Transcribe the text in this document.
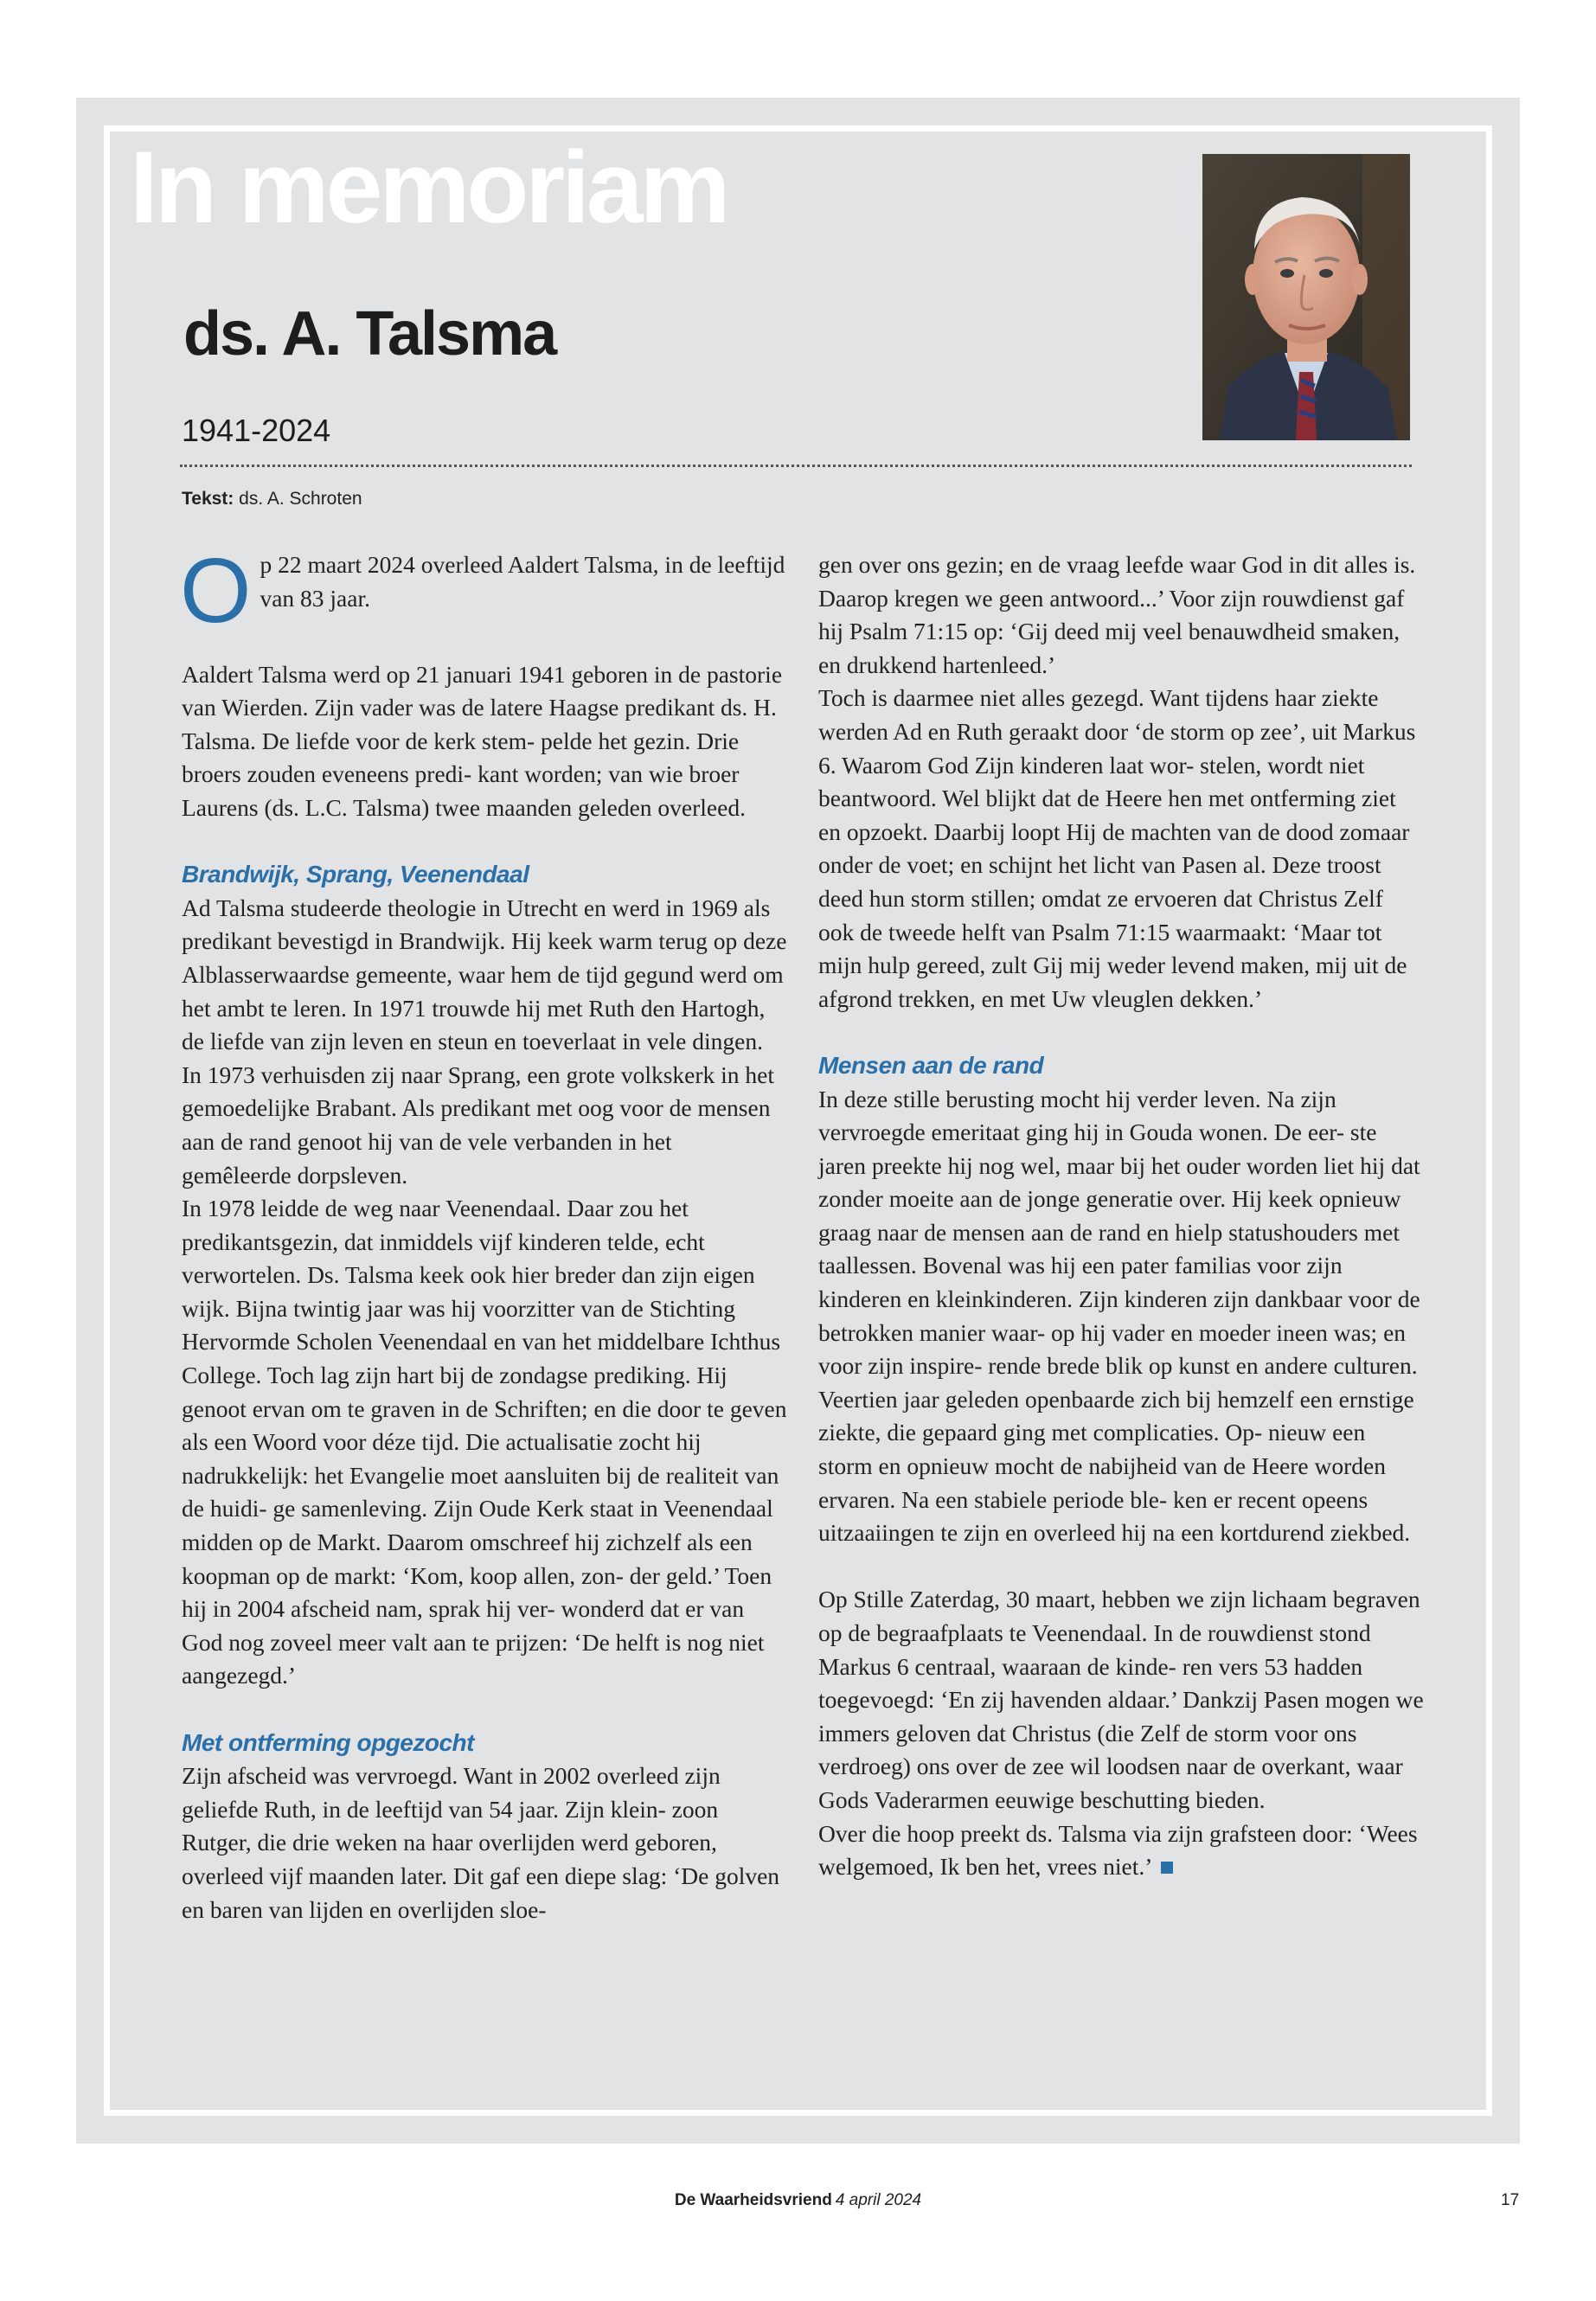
In memoriam
ds. A. Talsma
1941-2024
Tekst: ds. A. Schroten

Op 22 maart 2024 overleed Aaldert Talsma, in de leeftijd van 83 jaar.

Aaldert Talsma werd op 21 januari 1941 geboren in de pastorie van Wierden. Zijn vader was de latere Haagse predikant ds. H. Talsma. De liefde voor de kerk stem- pelde het gezin. Drie broers zouden eveneens predi- kant worden; van wie broer Laurens (ds. L.C. Talsma) twee maanden geleden overleed.

Brandwijk, Sprang, Veenendaal

Ad Talsma studeerde theologie in Utrecht en werd in 1969 als predikant bevestigd in Brandwijk. Hij keek warm terug op deze Alblasserwaardse gemeente, waar hem de tijd gegund werd om het ambt te leren. In 1971 trouwde hij met Ruth den Hartogh, de liefde van zijn leven en steun en toeverlaat in vele dingen. In 1973 verhuisden zij naar Sprang, een grote volkskerk in het gemoedelijke Brabant. Als predikant met oog voor de mensen aan de rand genoot hij van de vele verbanden in het gemêleerde dorpsleven.

In 1978 leidde de weg naar Veenendaal. Daar zou het predikantsgezin, dat inmiddels vijf kinderen telde, echt verwortelen. Ds. Talsma keek ook hier breder dan zijn eigen wijk. Bijna twintig jaar was hij voorzitter van de Stichting Hervormde Scholen Veenendaal en van het middelbare Ichthus College. Toch lag zijn hart bij de zondagse prediking. Hij genoot ervan om te graven in de Schriften; en die door te geven als een Woord voor déze tijd. Die actualisatie zocht hij nadrukkelijk: het Evangelie moet aansluiten bij de realiteit van de huidi- ge samenleving. Zijn Oude Kerk staat in Veenendaal midden op de Markt. Daarom omschreef hij zichzelf als een koopman op de markt: ‘Kom, koop allen, zon- der geld.’ Toen hij in 2004 afscheid nam, sprak hij ver- wonderd dat er van God nog zoveel meer valt aan te prijzen: ‘De helft is nog niet aangezegd.’

Met ontferming opgezocht

Zijn afscheid was vervroegd. Want in 2002 overleed zijn geliefde Ruth, in de leeftijd van 54 jaar. Zijn klein- zoon Rutger, die drie weken na haar overlijden werd geboren, overleed vijf maanden later. Dit gaf een diepe slag: ‘De golven en baren van lijden en overlijden sloe-

gen over ons gezin; en de vraag leefde waar God in dit alles is. Daarop kregen we geen antwoord...’ Voor zijn rouwdienst gaf hij Psalm 71:15 op: ‘Gij deed mij veel benauwdheid smaken, en drukkend hartenleed.’

Toch is daarmee niet alles gezegd. Want tijdens haar ziekte werden Ad en Ruth geraakt door ‘de storm op zee’, uit Markus 6. Waarom God Zijn kinderen laat wor- stelen, wordt niet beantwoord. Wel blijkt dat de Heere hen met ontferming ziet en opzoekt. Daarbij loopt Hij de machten van de dood zomaar onder de voet; en schijnt het licht van Pasen al. Deze troost deed hun storm stillen; omdat ze ervoeren dat Christus Zelf ook de tweede helft van Psalm 71:15 waarmaakt: ‘Maar tot mijn hulp gereed, zult Gij mij weder levend maken, mij uit de afgrond trekken, en met Uw vleuglen dekken.’

Mensen aan de rand

In deze stille berusting mocht hij verder leven. Na zijn vervroegde emeritaat ging hij in Gouda wonen. De eer- ste jaren preekte hij nog wel, maar bij het ouder worden liet hij dat zonder moeite aan de jonge generatie over. Hij keek opnieuw graag naar de mensen aan de rand en hielp statushouders met taallessen. Bovenal was hij een pater familias voor zijn kinderen en kleinkinderen. Zijn kinderen zijn dankbaar voor de betrokken manier waar- op hij vader en moeder ineen was; en voor zijn inspire- rende brede blik op kunst en andere culturen.

Veertien jaar geleden openbaarde zich bij hemzelf een ernstige ziekte, die gepaard ging met complicaties. Op- nieuw een storm en opnieuw mocht de nabijheid van de Heere worden ervaren. Na een stabiele periode ble- ken er recent opeens uitzaaiingen te zijn en overleed hij na een kortdurend ziekbed.

Op Stille Zaterdag, 30 maart, hebben we zijn lichaam begraven op de begraafplaats te Veenendaal. In de rouwdienst stond Markus 6 centraal, waaraan de kinde- ren vers 53 hadden toegevoegd: ‘En zij havenden aldaar.’ Dankzij Pasen mogen we immers geloven dat Christus (die Zelf de storm voor ons verdroeg) ons over de zee wil loodsen naar de overkant, waar Gods Vaderarmen eeuwige beschutting bieden.

Over die hoop preekt ds. Talsma via zijn grafsteen door: ‘Wees welgemoed, Ik ben het, vrees niet.’

De Waarheidsvriend 4 april 2024	17
